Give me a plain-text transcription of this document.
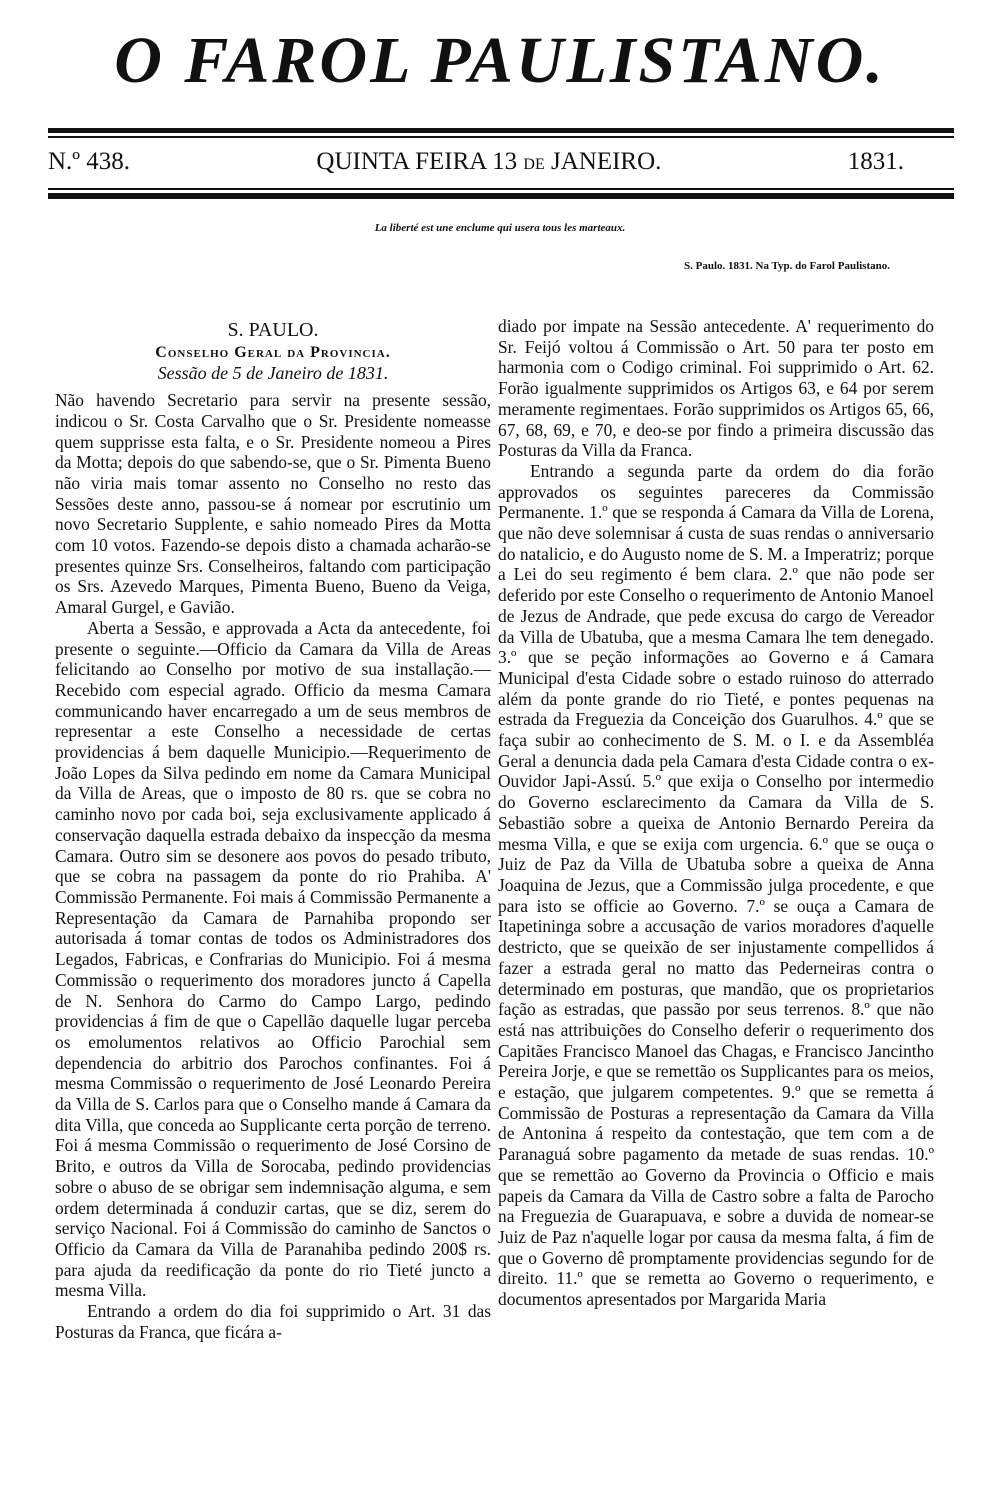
O FAROL PAULISTANO.
N.º 438.	QUINTA FEIRA 13 DE JANEIRO.	1831.
La liberté est une enclume qui usera tous les marteaux.
S. Paulo. 1831. Na Typ. do Farol Paulistano.
S. PAULO.
Conselho Geral da Provincia.
Sessão de 5 de Janeiro de 1831.

Não havendo Secretario para servir na presente sessão, indicou o Sr. Costa Carvalho que o Sr. Presidente nomeasse quem supprisse esta falta, e o Sr. Presidente nomeou a Pires da Motta; depois do que sabendo-se, que o Sr. Pimenta Bueno não viria mais tomar assento no Conselho no resto das Sessões deste anno, passou-se á nomear por escrutinio um novo Secretario Supplente, e sahio nomeado Pires da Motta com 10 votos. Fazendo-se depois disto a chamada acharão-se presentes quinze Srs. Conselheiros, faltando com participação os Srs. Azevedo Marques, Pimenta Bueno, Bueno da Veiga, Amaral Gurgel, e Gavião.

Aberta a Sessão, e approvada a Acta da antecedente, foi presente o seguinte.—Officio da Camara da Villa de Areas felicitando ao Conselho por motivo de sua installação.—Recebido com especial agrado. Officio da mesma Camara communicando haver encarregado a um de seus membros de representar a este Conselho a necessidade de certas providencias á bem daquelle Municipio.—Requerimento de João Lopes da Silva pedindo em nome da Camara Municipal da Villa de Areas, que o imposto de 80 rs. que se cobra no caminho novo por cada boi, seja exclusivamente applicado á conservação daquella estrada debaixo da inspecção da mesma Camara. Outro sim se desonere aos povos do pesado tributo, que se cobra na passagem da ponte do rio Prahiba. A' Commissão Permanente. Foi mais á Commissão Permanente a Representação da Camara de Parnahiba propondo ser autorisada á tomar contas de todos os Administradores dos Legados, Fabricas, e Confrarias do Municipio. Foi á mesma Commissão o requerimento dos moradores juncto á Capella de N. Senhora do Carmo do Campo Largo, pedindo providencias á fim de que o Capellão daquelle lugar perceba os emolumentos relativos ao Officio Parochial sem dependencia do arbitrio dos Parochos confinantes. Foi á mesma Commissão o requerimento de José Leonardo Pereira da Villa de S. Carlos para que o Conselho mande á Camara da dita Villa, que conceda ao Supplicante certa porção de terreno. Foi á mesma Commissão o requerimento de José Corsino de Brito, e outros da Villa de Sorocaba, pedindo providencias sobre o abuso de se obrigar sem indemnisação alguma, e sem ordem determinada á conduzir cartas, que se diz, serem do serviço Nacional. Foi á Commissão do caminho de Sanctos o Officio da Camara da Villa de Paranahiba pedindo 200$ rs. para ajuda da reedificação da ponte do rio Tieté juncto a mesma Villa.

Entrando a ordem do dia foi supprimido o Art. 31 das Posturas da Franca, que ficára a-

diado por impate na Sessão antecedente. A' requerimento do Sr. Feijó voltou á Commissão o Art. 50 para ter posto em harmonia com o Codigo criminal. Foi supprimido o Art. 62. Forão igualmente supprimidos os Artigos 63, e 64 por serem meramente regimentaes. Forão supprimidos os Artigos 65, 66, 67, 68, 69, e 70, e deo-se por findo a primeira discussão das Posturas da Villa da Franca.

Entrando a segunda parte da ordem do dia forão approvados os seguintes pareceres da Commissão Permanente. 1.º que se responda á Camara da Villa de Lorena, que não deve solemnisar á custa de suas rendas o anniversario do natalicio, e do Augusto nome de S. M. a Imperatriz; porque a Lei do seu regimento é bem clara. 2.º que não pode ser deferido por este Conselho o requerimento de Antonio Manoel de Jezus de Andrade, que pede excusa do cargo de Vereador da Villa de Ubatuba, que a mesma Camara lhe tem denegado. 3.º que se peção informações ao Governo e á Camara Municipal d'esta Cidade sobre o estado ruinoso do atterrado além da ponte grande do rio Tieté, e pontes pequenas na estrada da Freguezia da Conceição dos Guarulhos. 4.º que se faça subir ao conhecimento de S. M. o I. e da Assembléa Geral a denuncia dada pela Camara d'esta Cidade contra o ex-Ouvidor Japi-Assú. 5.º que exija o Conselho por intermedio do Governo esclarecimento da Camara da Villa de S. Sebastião sobre a queixa de Antonio Bernardo Pereira da mesma Villa, e que se exija com urgencia. 6.º que se ouça o Juiz de Paz da Villa de Ubatuba sobre a queixa de Anna Joaquina de Jezus, que a Commissão julga procedente, e que para isto se officie ao Governo. 7.º se ouça a Camara de Itapetininga sobre a accusação de varios moradores d'aquelle destricto, que se queixão de ser injustamente compellidos á fazer a estrada geral no matto das Pederneiras contra o determinado em posturas, que mandão, que os proprietarios fação as estradas, que passão por seus terrenos. 8.º que não está nas attribuições do Conselho deferir o requerimento dos Capitães Francisco Manoel das Chagas, e Francisco Jancintho Pereira Jorje, e que se remettão os Supplicantes para os meios, e estação, que julgarem competentes. 9.º que se remetta á Commissão de Posturas a representação da Camara da Villa de Antonina á respeito da contestação, que tem com a de Paranaguá sobre pagamento da metade de suas rendas. 10.º que se remettão ao Governo da Provincia o Officio e mais papeis da Camara da Villa de Castro sobre a falta de Parocho na Freguezia de Guarapuava, e sobre a duvida de nomear-se Juiz de Paz n'aquelle logar por causa da mesma falta, á fim de que o Governo dê promptamente providencias segundo for de direito. 11.º que se remetta ao Governo o requerimento, e documentos apresentados por Margarida Maria
